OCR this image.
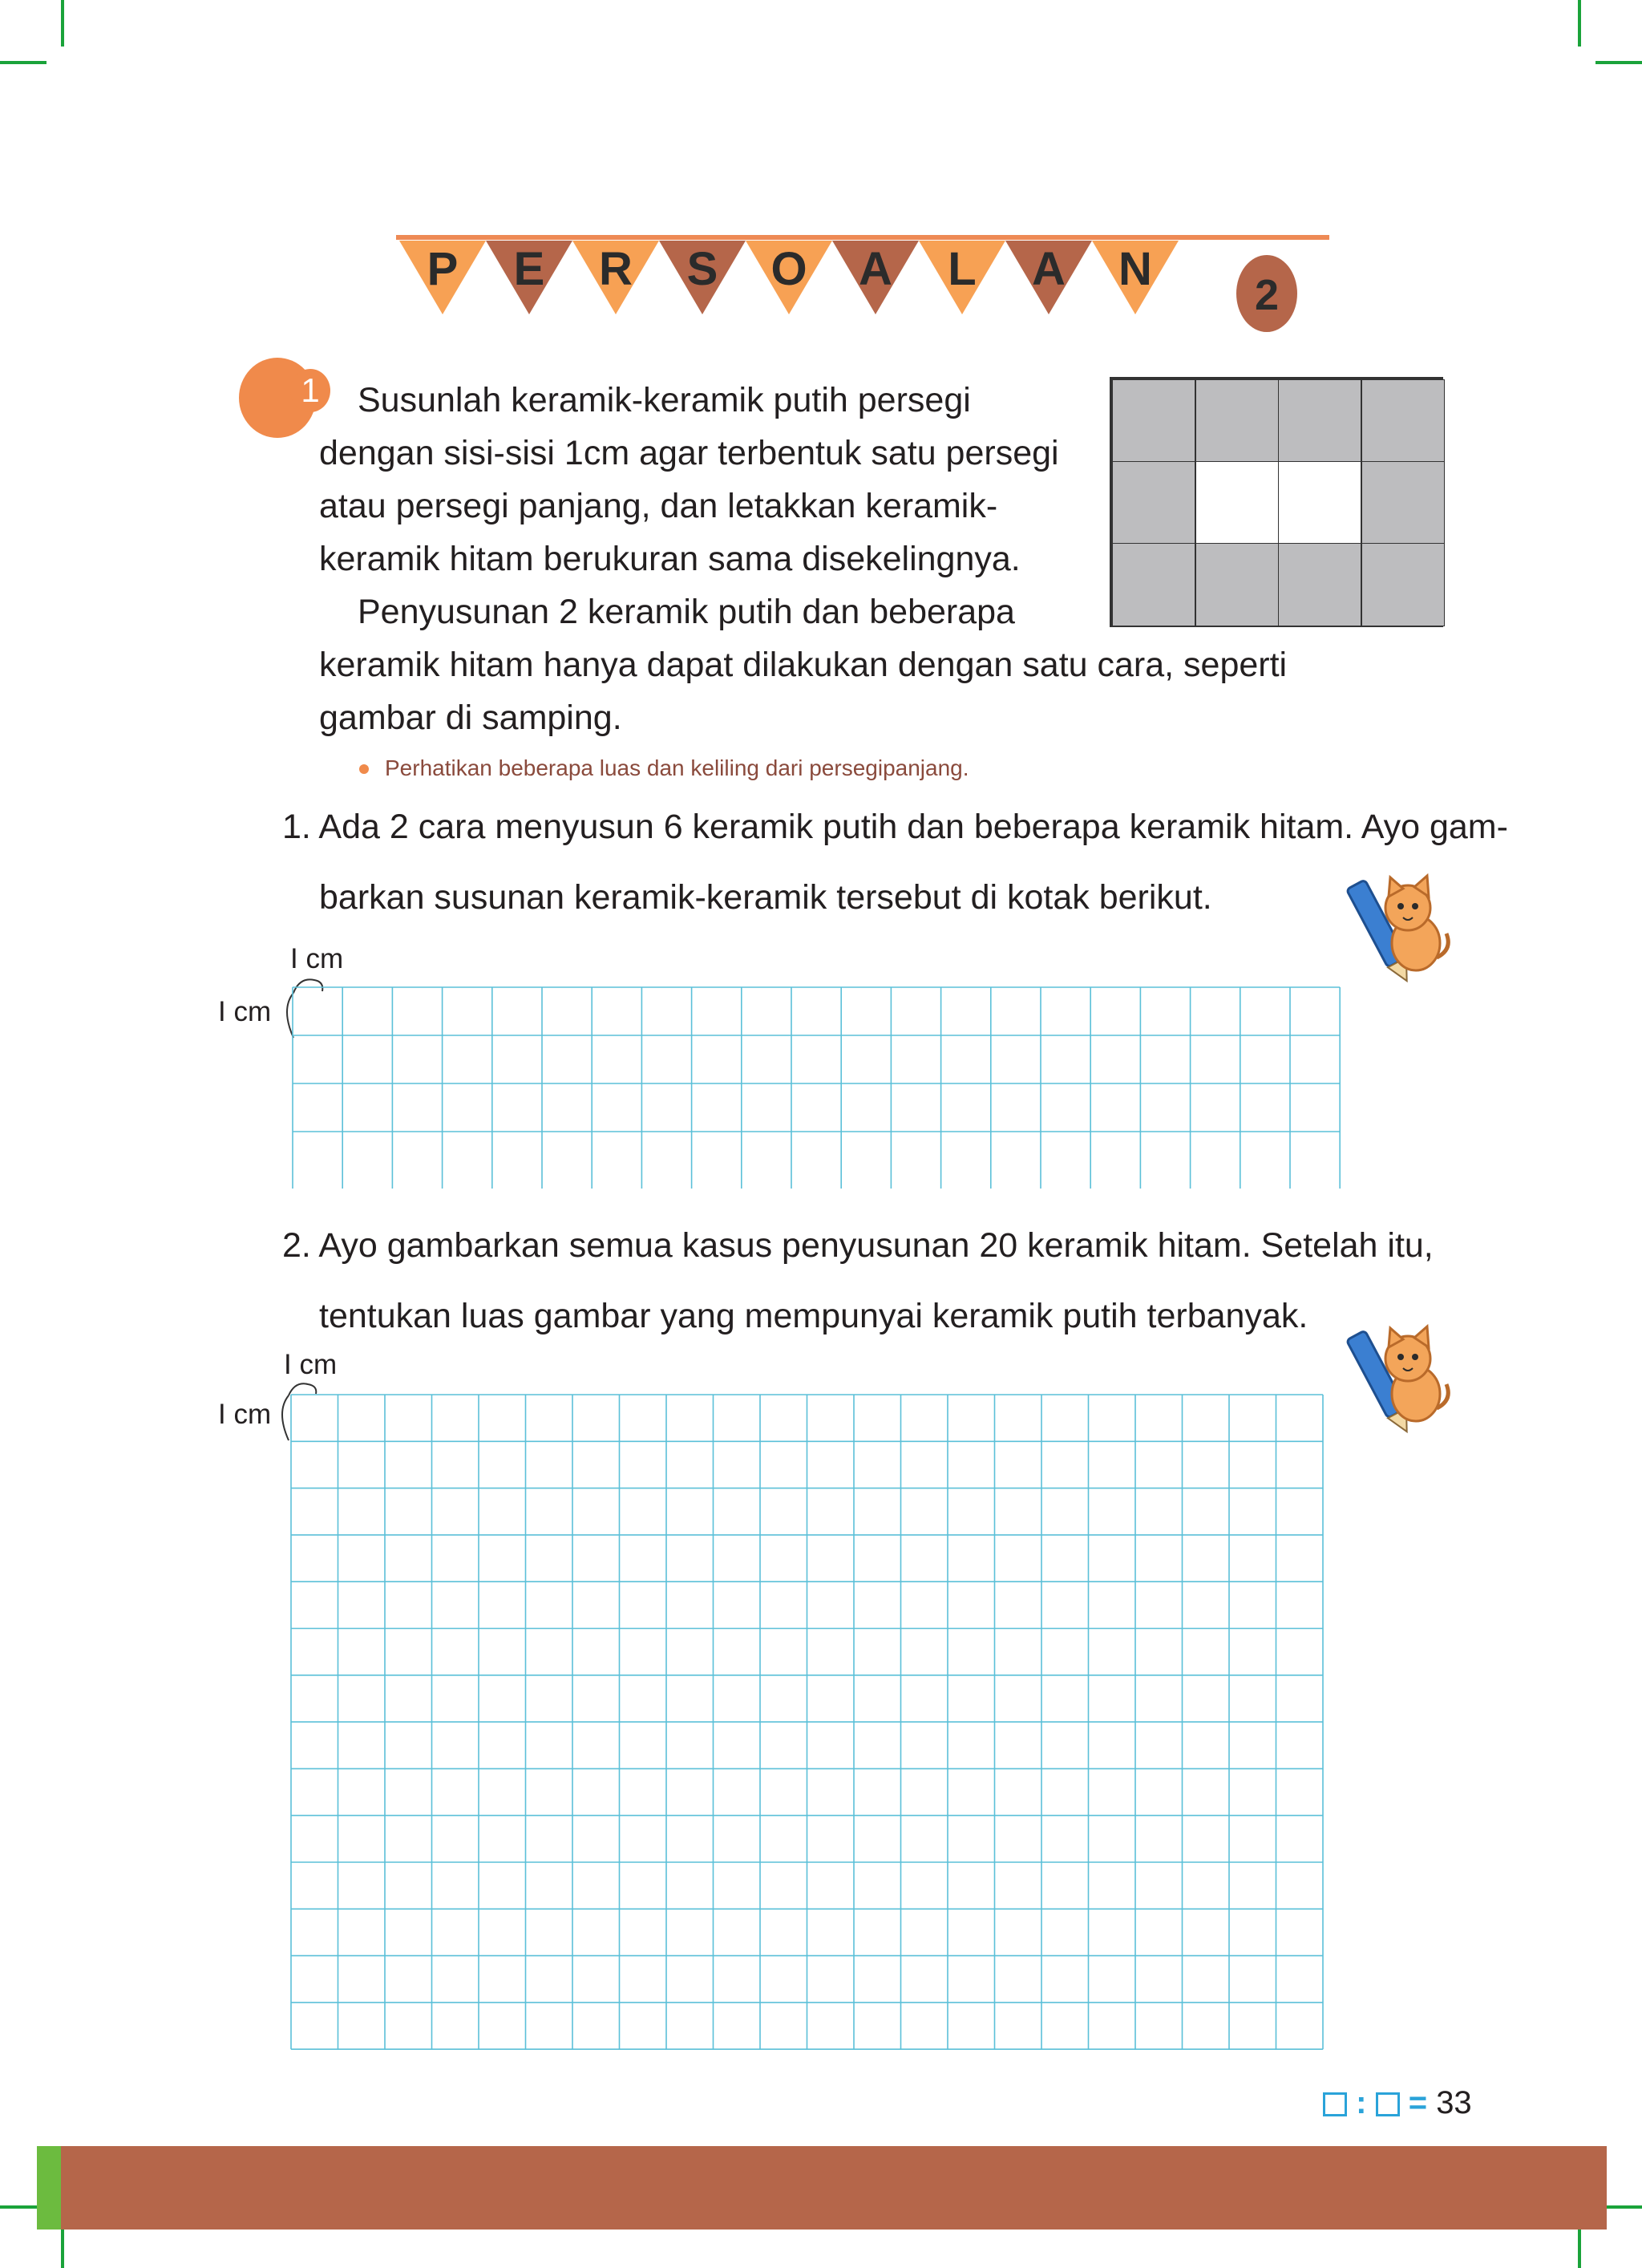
P	E	R	S	O	A	L	A	N	2
1	Susunlah keramik-keramik putih persegi
dengan sisi-sisi 1cm agar terbentuk satu persegi
atau persegi panjang, dan letakkan keramik-
keramik hitam berukuran sama disekelingnya.
Penyusunan 2 keramik putih dan beberapa
keramik hitam hanya dapat dilakukan dengan satu cara, seperti
gambar di samping.
Perhatikan beberapa luas dan keliling dari persegipanjang.
1. Ada 2 cara menyusun 6 keramik putih dan beberapa keramik hitam. Ayo gam-
barkan susunan keramik-keramik tersebut di kotak berikut.
I cm
I cm
2. Ayo gambarkan semua kasus penyusunan 20 keramik hitam. Setelah itu,
tentukan luas gambar yang mempunyai keramik putih terbanyak.
I cm
I cm
: = 33
